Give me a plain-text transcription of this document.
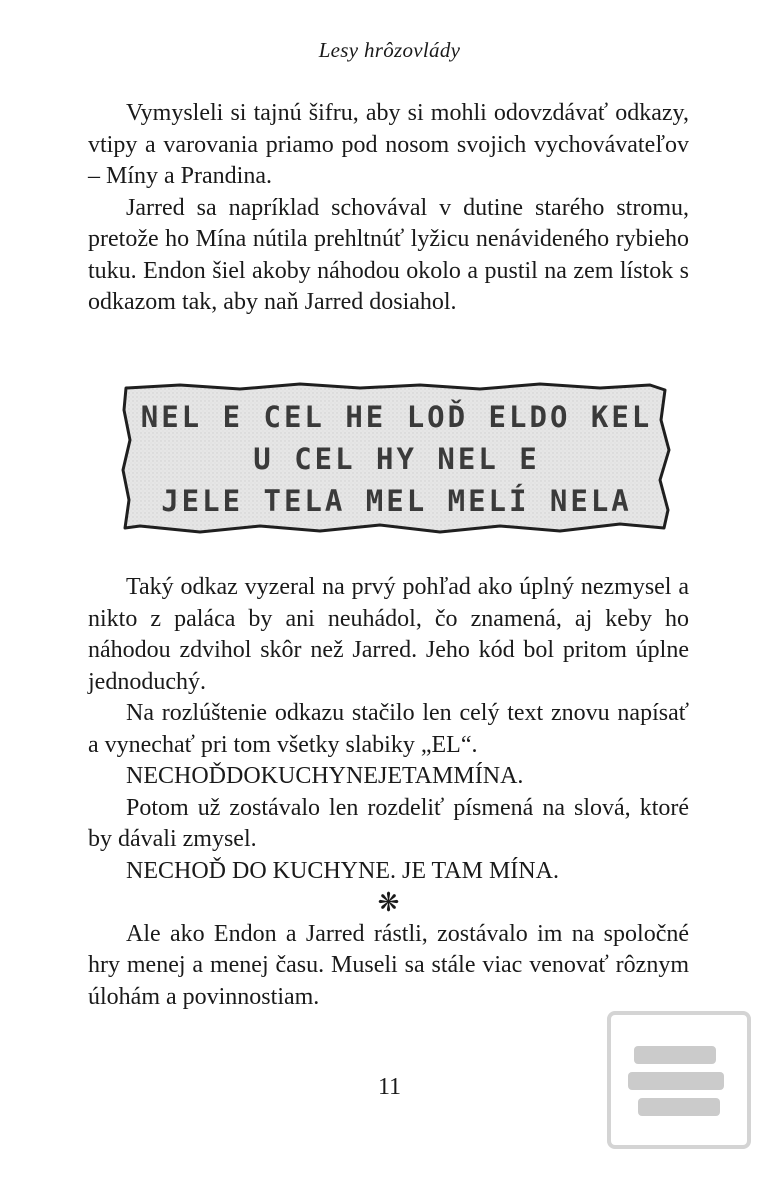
Lesy hrôzovlády

Vymysleli si tajnú šifru, aby si mohli odovzdávať odkazy, vtipy a varovania priamo pod nosom svojich vychovávateľov – Míny a Prandina.

Jarred sa napríklad schovával v dutine starého stromu, pretože ho Mína nútila prehltnúť lyžicu nenávideného rybieho tuku. Endon šiel akoby náhodou okolo a pustil na zem lístok s odkazom tak, aby naň Jarred dosiahol.

NEL E CEL HE LOĎ ELDO KEL
U CEL HY NEL E
JELE TELA MEL MELÍ NELA

Taký odkaz vyzeral na prvý pohľad ako úplný nezmysel a nikto z paláca by ani neuhádol, čo znamená, aj keby ho náhodou zdvihol skôr než Jarred. Jeho kód bol pritom úplne jednoduchý.

Na rozlúštenie odkazu stačilo len celý text znovu napísať a vynechať pri tom všetky slabiky „EL“.

NECHOĎDOKUCHYNEJETAMMÍNA.

Potom už zostávalo len rozdeliť písmená na slová, ktoré by dávali zmysel.

NECHOĎ DO KUCHYNE. JE TAM MÍNA.

❋

Ale ako Endon a Jarred rástli, zostávalo im na spoločné hry menej a menej času. Museli sa stále viac venovať rôznym úlohám a povinnostiam.

11
